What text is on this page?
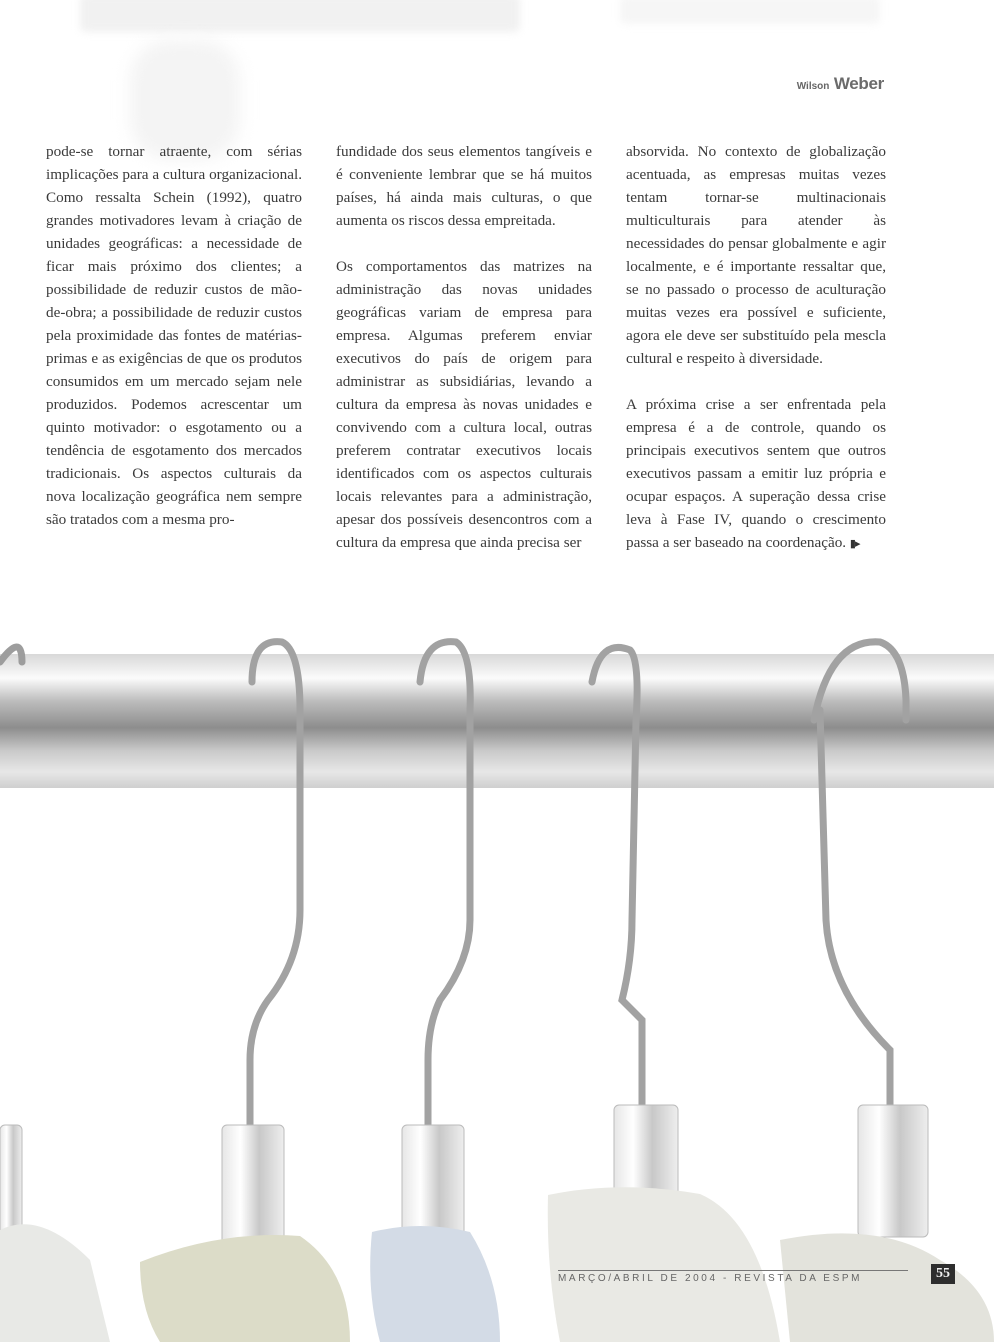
Wilson Weber

pode-se tornar atraente, com sérias implicações para a cultura organizacional. Como ressalta Schein (1992), quatro grandes motivadores levam à criação de unidades geográficas: a necessidade de ficar mais próximo dos clientes; a possibilidade de reduzir custos de mão-de-obra; a possibilidade de reduzir custos pela proximidade das fontes de matérias-primas e as exigências de que os produtos consumidos em um mercado sejam nele produzidos. Podemos acrescentar um quinto motivador: o esgotamento ou a tendência de esgotamento dos mercados tradicionais. Os aspectos culturais da nova localização geográfica nem sempre são tratados com a mesma pro-

fundidade dos seus elementos tangíveis e é conveniente lembrar que se há muitos países, há ainda mais culturas, o que aumenta os riscos dessa empreitada.

Os comportamentos das matrizes na administração das novas unidades geográficas variam de empresa para empresa. Algumas preferem enviar executivos do país de origem para administrar as subsidiárias, levando a cultura da empresa às novas unidades e convivendo com a cultura local, outras preferem contratar executivos locais identificados com os aspectos culturais locais relevantes para a administração, apesar dos possíveis desencontros com a cultura da empresa que ainda precisa ser

absorvida. No contexto de globalização acentuada, as empresas muitas vezes tentam tornar-se multinacionais multiculturais para atender às necessidades do pensar globalmente e agir localmente, e é importante ressaltar que, se no passado o processo de aculturação muitas vezes era possível e suficiente, agora ele deve ser substituído pela mescla cultural e respeito à diversidade.

A próxima crise a ser enfrentada pela empresa é a de controle, quando os principais executivos sentem que outros executivos passam a emitir luz própria e ocupar espaços. A superação dessa crise leva à Fase IV, quando o crescimento passa a ser baseado na coordenação. ▮▸

MARÇO/ABRIL DE 2004 - REVISTA DA ESPM	55
